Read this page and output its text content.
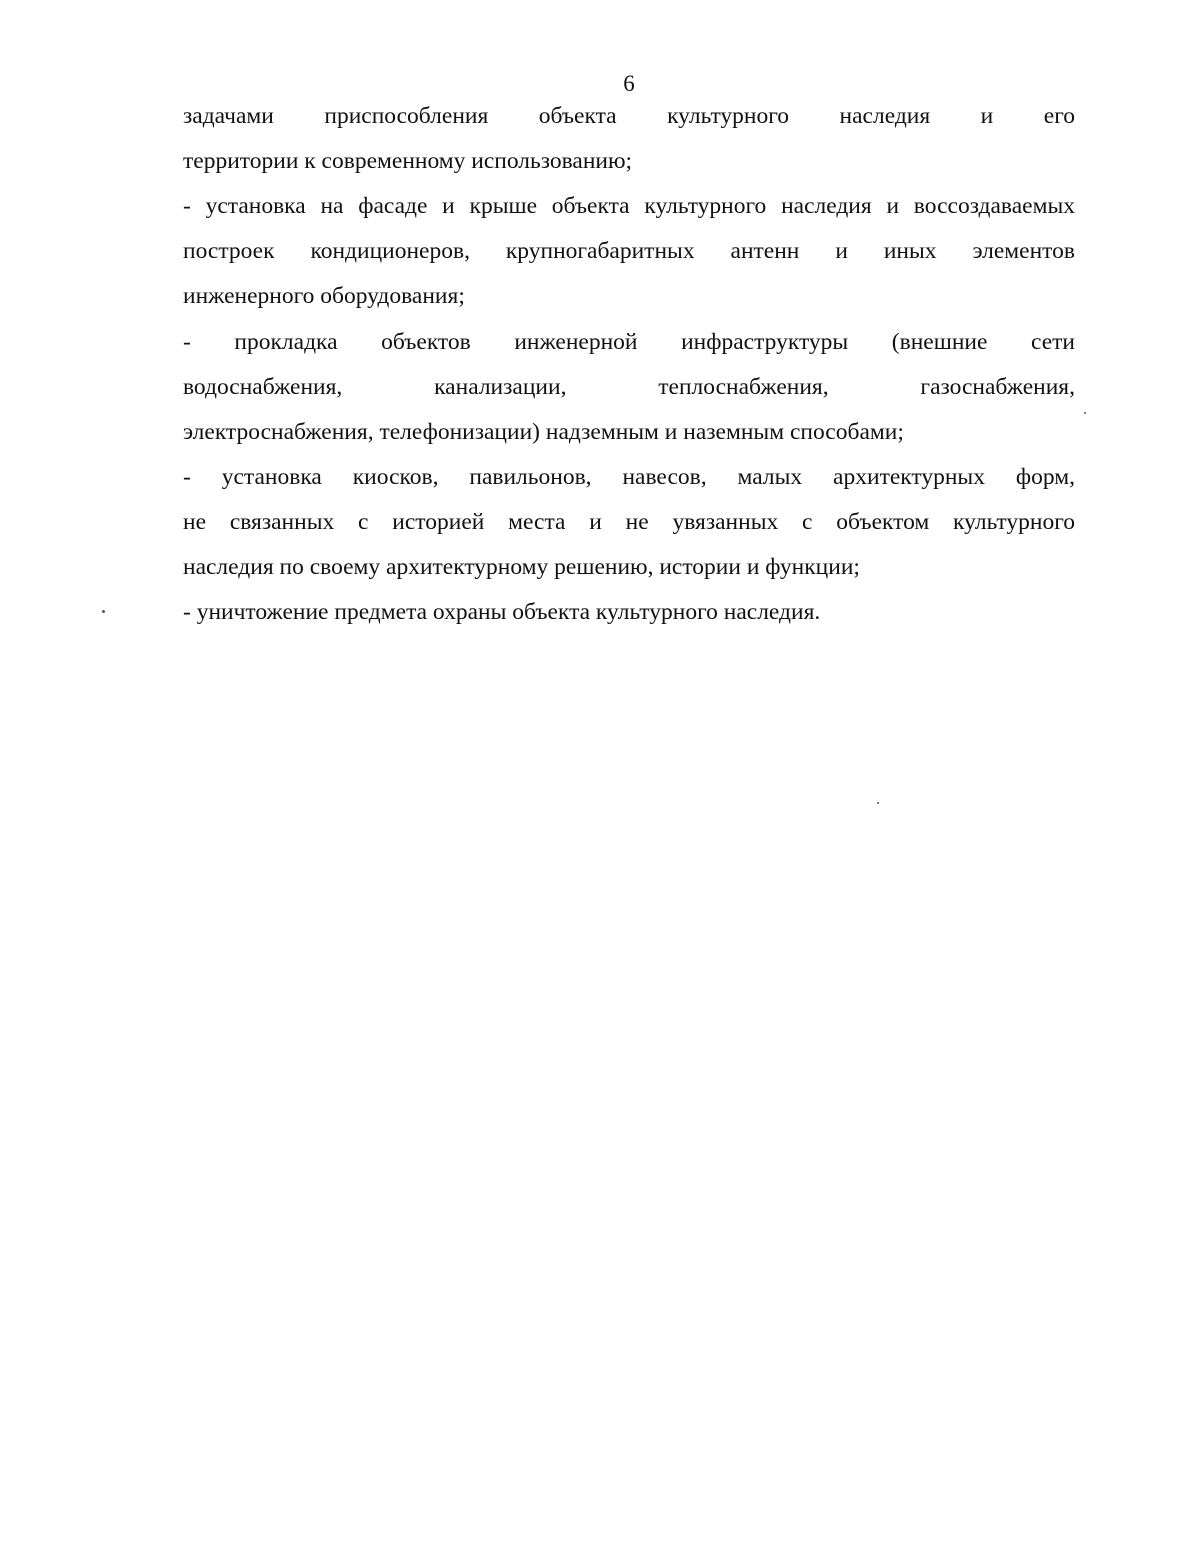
6
задачами приспособления объекта культурного наследия и его
территории к современному использованию;
- установка на фасаде и крыше объекта культурного наследия и воссоздаваемых
построек кондиционеров, крупногабаритных антенн и иных элементов
инженерного оборудования;
- прокладка объектов инженерной инфраструктуры (внешние сети
водоснабжения, канализации, теплоснабжения, газоснабжения,
электроснабжения, телефонизации) надземным и наземным способами;
- установка киосков, павильонов, навесов, малых архитектурных форм,
не связанных с историей места и не увязанных с объектом культурного
наследия по своему архитектурному решению, истории и функции;
- уничтожение предмета охраны объекта культурного наследия.
